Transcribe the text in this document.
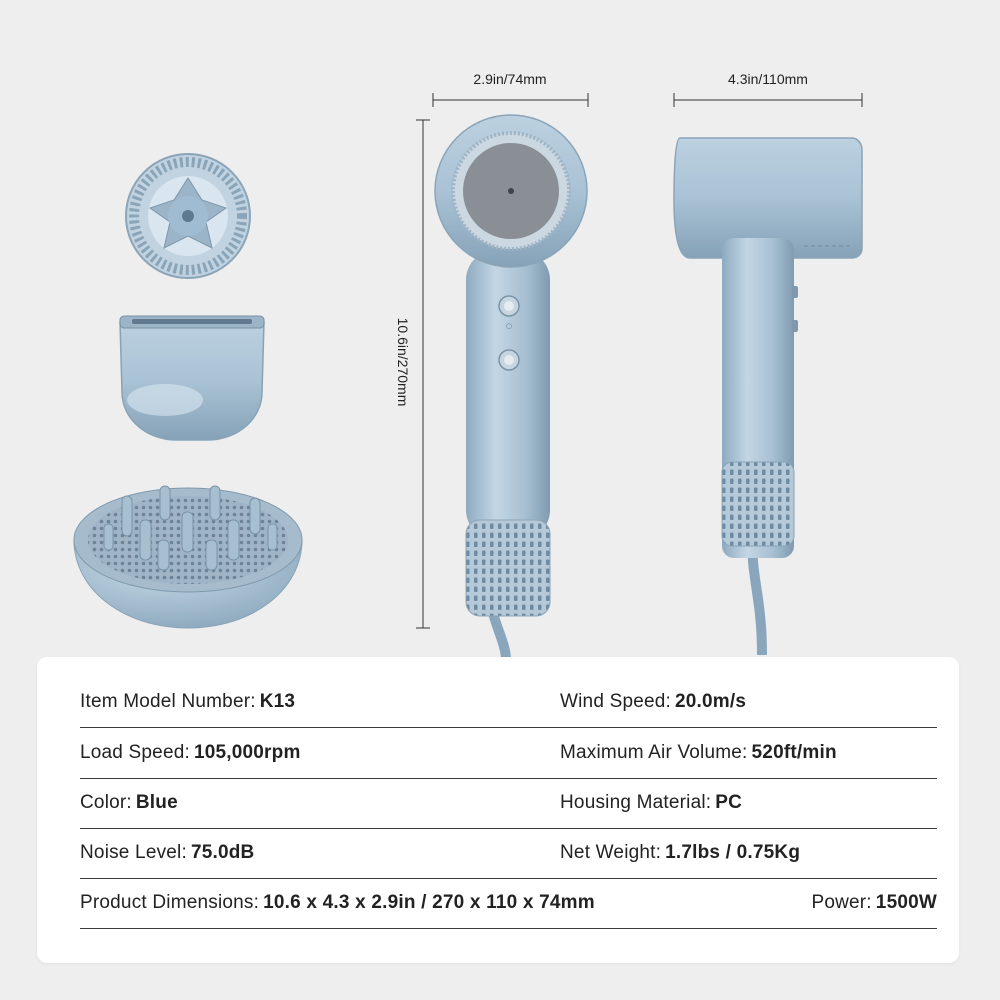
2.9in/74mm	4.3in/110mm
10.6in/270mm	○
Item Model Number: K13	Wind Speed: 20.0m/s
Load Speed: 105,000rpm	Maximum Air Volume: 520ft/min
Color: Blue	Housing Material: PC
Noise Level: 75.0dB	Net Weight: 1.7lbs / 0.75Kg
Product Dimensions: 10.6 x 4.3 x 2.9in / 270 x 110 x 74mm	Power: 1500W
